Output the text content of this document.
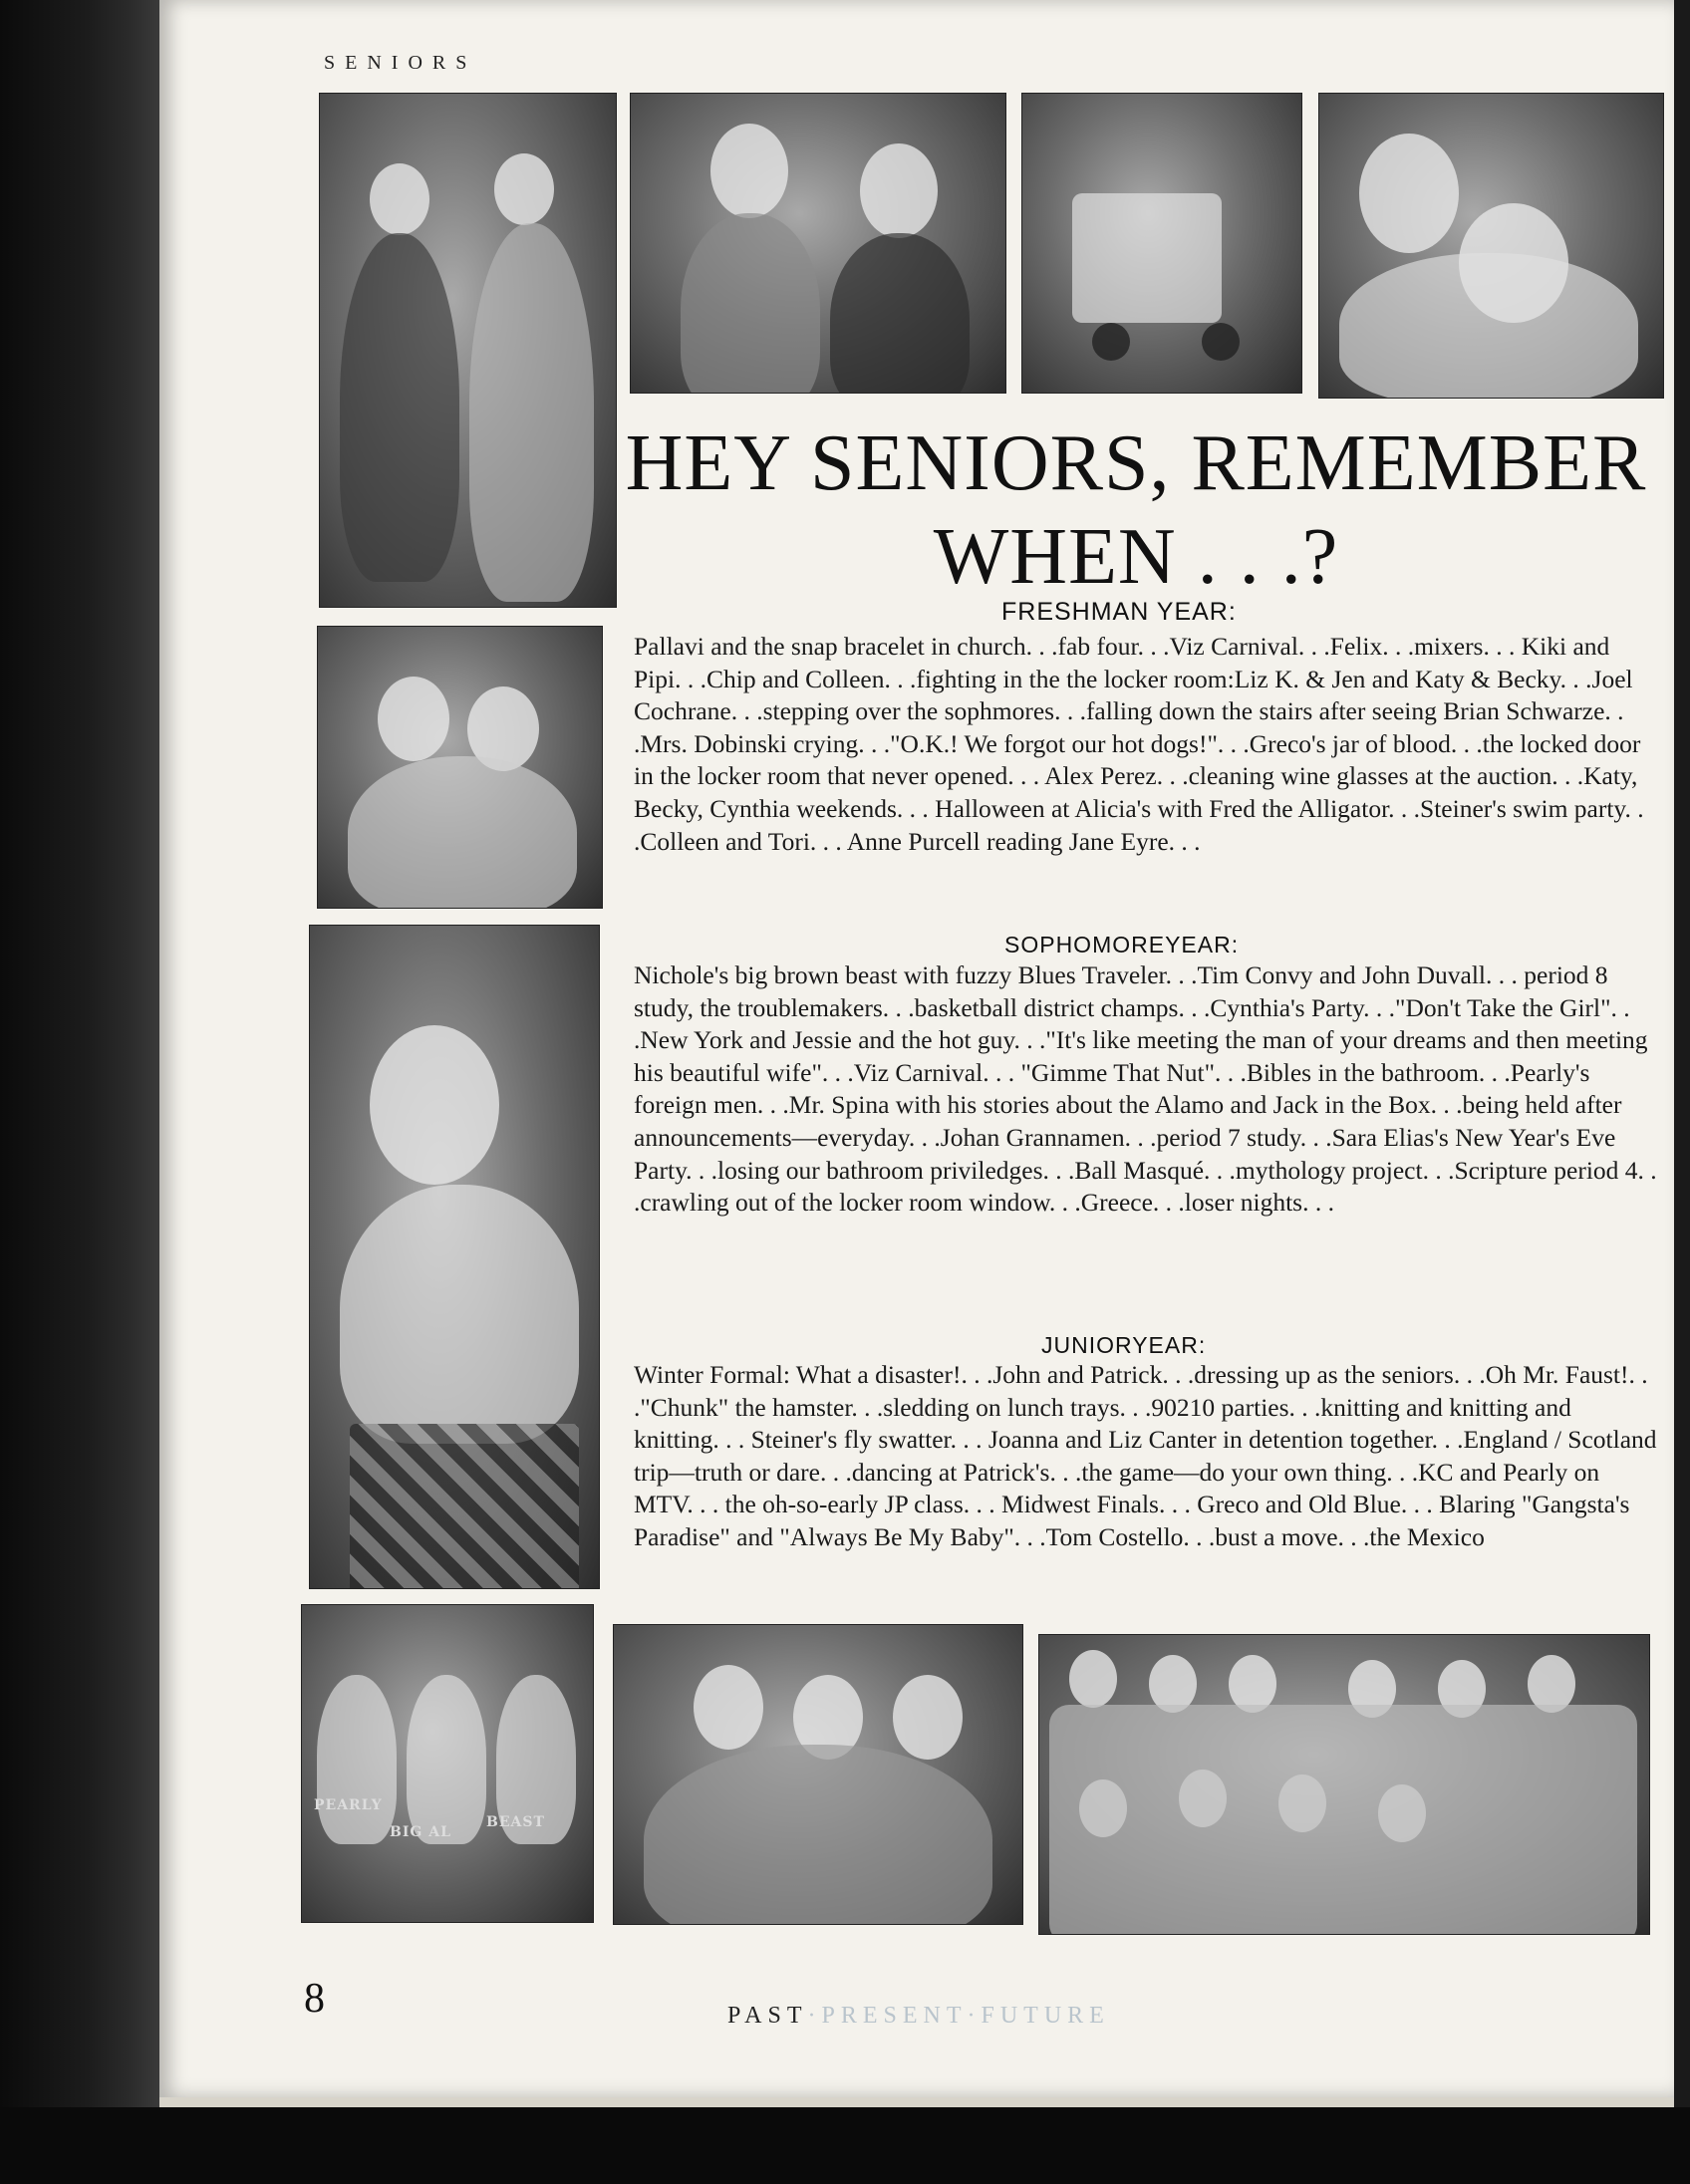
SENIORS
HEY SENIORS, REMEMBER WHEN . . .?
FRESHMAN YEAR:
Pallavi and the snap bracelet in church. . .fab four. . .Viz Carnival. . .Felix. . .mixers. . . Kiki and Pipi. . .Chip and Colleen. . .fighting in the the locker room:Liz K. & Jen and Katy & Becky. . .Joel Cochrane. . .stepping over the sophmores. . .falling down the stairs after seeing Brian Schwarze. . .Mrs. Dobinski crying. . ."O.K.! We forgot our hot dogs!". . .Greco's jar of blood. . .the locked door in the locker room that never opened. . . Alex Perez. . .cleaning wine glasses at the auction. . .Katy, Becky, Cynthia weekends. . . Halloween at Alicia's with Fred the Alligator. . .Steiner's swim party. . .Colleen and Tori. . . Anne Purcell reading Jane Eyre. . .
SOPHOMOREYEAR:
Nichole's big brown beast with fuzzy Blues Traveler. . .Tim Convy and John Duvall. . . period 8 study, the troublemakers. . .basketball district champs. . .Cynthia's Party. . ."Don't Take the Girl". . .New York and Jessie and the hot guy. . ."It's like meeting the man of your dreams and then meeting his beautiful wife". . .Viz Carnival. . . "Gimme That Nut". . .Bibles in the bathroom. . .Pearly's foreign men. . .Mr. Spina with his stories about the Alamo and Jack in the Box. . .being held after announcements—everyday. . .Johan Grannamen. . .period 7 study. . .Sara Elias's New Year's Eve Party. . .losing our bathroom priviledges. . .Ball Masqué. . .mythology project. . .Scripture period 4. . .crawling out of the locker room window. . .Greece. . .loser nights. . .
JUNIORYEAR:
Winter Formal: What a disaster!. . .John and Patrick. . .dressing up as the seniors. . .Oh Mr. Faust!. . ."Chunk" the hamster. . .sledding on lunch trays. . .90210 parties. . .knitting and knitting and knitting. . . Steiner's fly swatter. . . Joanna and Liz Canter in detention together. . .England / Scotland trip—truth or dare. . .dancing at Patrick's. . .the game—do your own thing. . .KC and Pearly on MTV. . . the oh-so-early JP class. . . Midwest Finals. . . Greco and Old Blue. . . Blaring "Gangsta's Paradise" and "Always Be My Baby". . .Tom Costello. . .bust a move. . .the Mexico
PEARLY
BIG AL
BEAST
8	PAST·PRESENT·FUTURE
